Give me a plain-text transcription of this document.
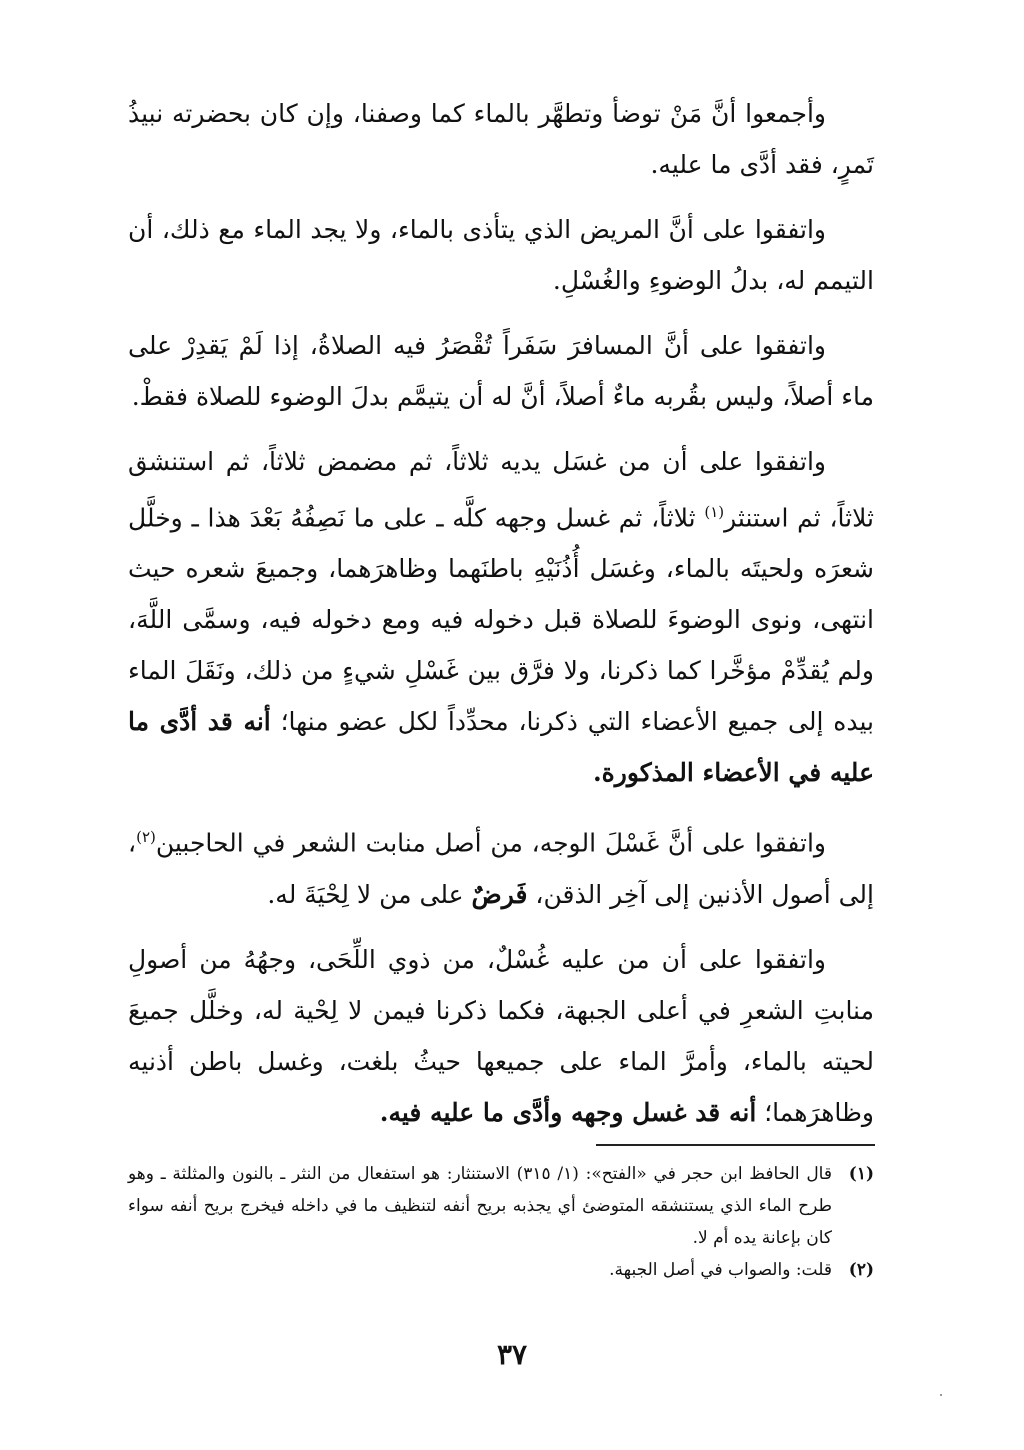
وأجمعوا أنَّ مَنْ توضأ وتطهَّر بالماء كما وصفنا، وإن كان بحضرته نبيذُ تَمرٍ، فقد أدَّى ما عليه.

واتفقوا على أنَّ المريض الذي يتأذى بالماء، ولا يجد الماء مع ذلك، أن التيمم له، بدلُ الوضوءِ والغُسْلِ.

واتفقوا على أنَّ المسافرَ سَفَراً تُقْصَرُ فيه الصلاةُ، إذا لَمْ يَقدِرْ على ماء أصلاً، وليس بقُربه ماءٌ أصلاً، أنَّ له أن يتيمَّم بدلَ الوضوء للصلاة فقطْ.

واتفقوا على أن من غسَل يديه ثلاثاً، ثم مضمض ثلاثاً، ثم استنشق ثلاثاً، ثم استنثر$^{(١)}$ ثلاثاً، ثم غسل وجهه كلَّه ـ على ما نَصِفُهُ بَعْدَ هذا ـ وخلَّل شعرَه ولحيتَه بالماء، وغسَل أُذُنَيْهِ باطنَهما وظاهرَهما، وجميعَ شعره حيث انتهى، ونوى الوضوءَ للصلاة قبل دخوله فيه ومع دخوله فيه، وسمَّى اللَّهَ، ولم يُقدِّمْ مؤخَّرا كما ذكرنا، ولا فرَّق بين غَسْلِ شيءٍ من ذلك، ونَقَلَ الماء بيده إلى جميع الأعضاء التي ذكرنا، محدِّداً لكل عضو منها؛ أنه قد أدَّى ما عليه في الأعضاء المذكورة.

واتفقوا على أنَّ غَسْلَ الوجه، من أصل منابت الشعر في الحاجبين$^{(٢)}$، إلى أصول الأذنين إلى آخِر الذقن، فَرضٌ على من لا لِحْيَةَ له.

واتفقوا على أن من عليه غُسْلٌ، من ذوي اللِّحَى، وجهُهُ من أصولِ منابتِ الشعرِ في أعلى الجبهة، فكما ذكرنا فيمن لا لِحْية له، وخلَّل جميعَ لحيته بالماء، وأمرَّ الماء على جميعها حيثُ بلغت، وغسل باطن أذنيه وظاهرَهما؛ أنه قد غسل وجهه وأدَّى ما عليه فيه.

(١)
قال الحافظ ابن حجر في «الفتح»: (١/ ٣١٥) الاستنثار: هو استفعال من النثر ـ بالنون والمثلثة ـ وهو طرح الماء الذي يستنشقه المتوضئ أي يجذبه بريح أنفه لتنظيف ما في داخله فيخرج بريح أنفه سواء كان بإعانة يده أم لا.

(٢)
قلت: والصواب في أصل الجبهة.

٣٧
